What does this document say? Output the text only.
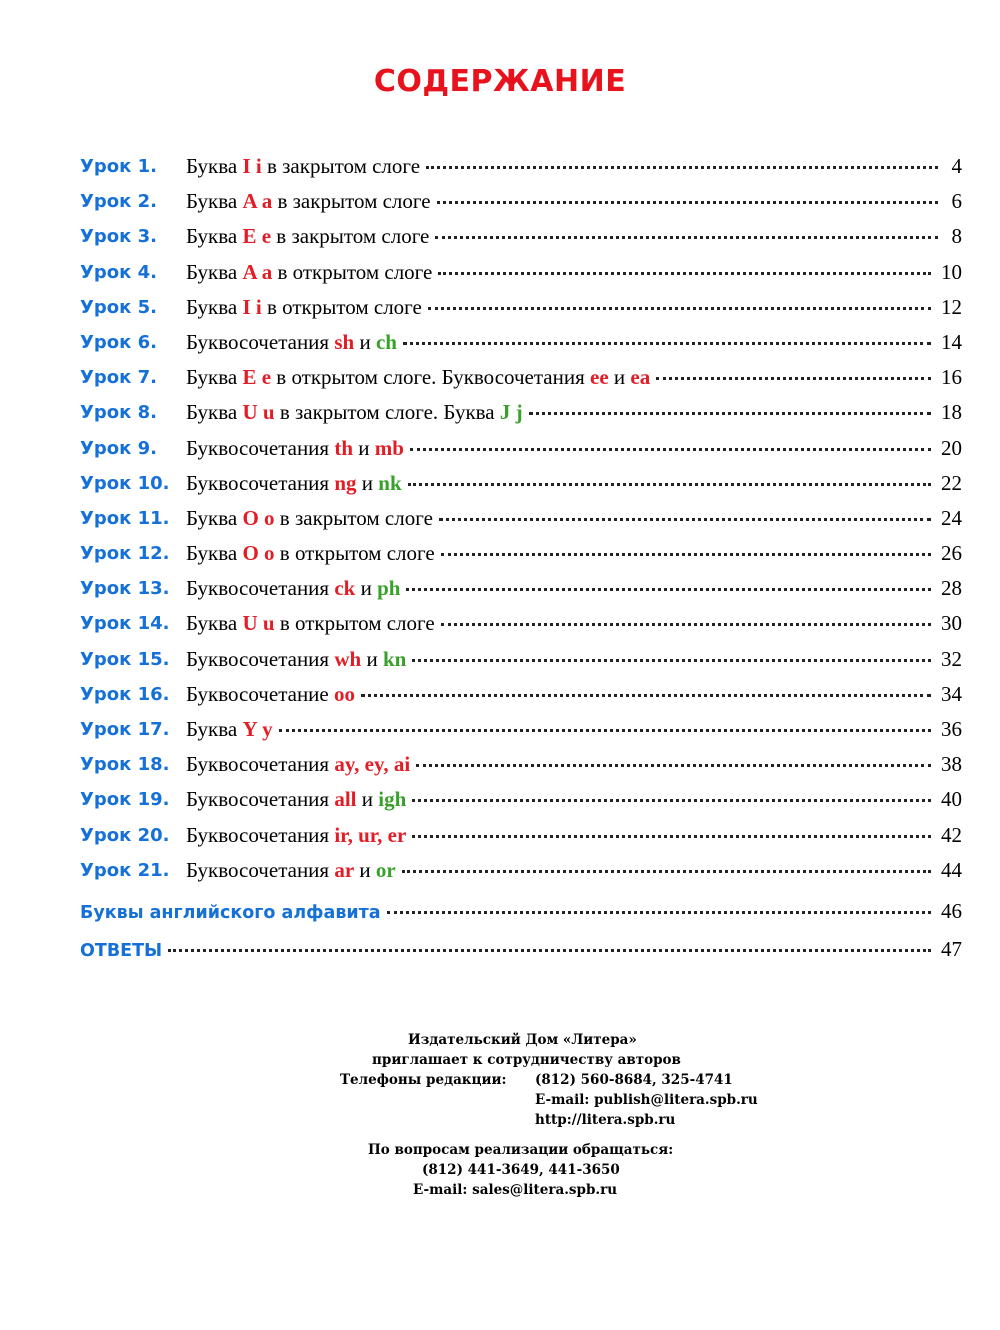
СОДЕРЖАНИЕ
Урок 1. Буква I i в закрытом слоге	4
Урок 2. Буква A a в закрытом слоге	6
Урок 3. Буква E e в закрытом слоге	8
Урок 4. Буква A a в открытом слоге	10
Урок 5. Буква I i в открытом слоге	12
Урок 6. Буквосочетания sh и ch	14
Урок 7. Буква E e в открытом слоге. Буквосочетания ee и ea	16
Урок 8. Буква U u в закрытом слоге. Буква J j	18
Урок 9. Буквосочетания th и mb	20
Урок 10. Буквосочетания ng и nk	22
Урок 11. Буква O o в закрытом слоге	24
Урок 12. Буква O o в открытом слоге	26
Урок 13. Буквосочетания ck и ph	28
Урок 14. Буква U u в открытом слоге	30
Урок 15. Буквосочетания wh и kn	32
Урок 16. Буквосочетание oo	34
Урок 17. Буква Y y	36
Урок 18. Буквосочетания ay, ey, ai	38
Урок 19. Буквосочетания all и igh	40
Урок 20. Буквосочетания ir, ur, er	42
Урок 21. Буквосочетания ar и or	44
Буквы английского алфавита	46
ОТВЕТЫ	47
Издательский Дом «Литера»
приглашает к сотрудничеству авторов
Телефоны редакции: (812) 560-8684, 325-4741
E-mail: publish@litera.spb.ru
http://litera.spb.ru
По вопросам реализации обращаться:
(812) 441-3649, 441-3650
E-mail: sales@litera.spb.ru
